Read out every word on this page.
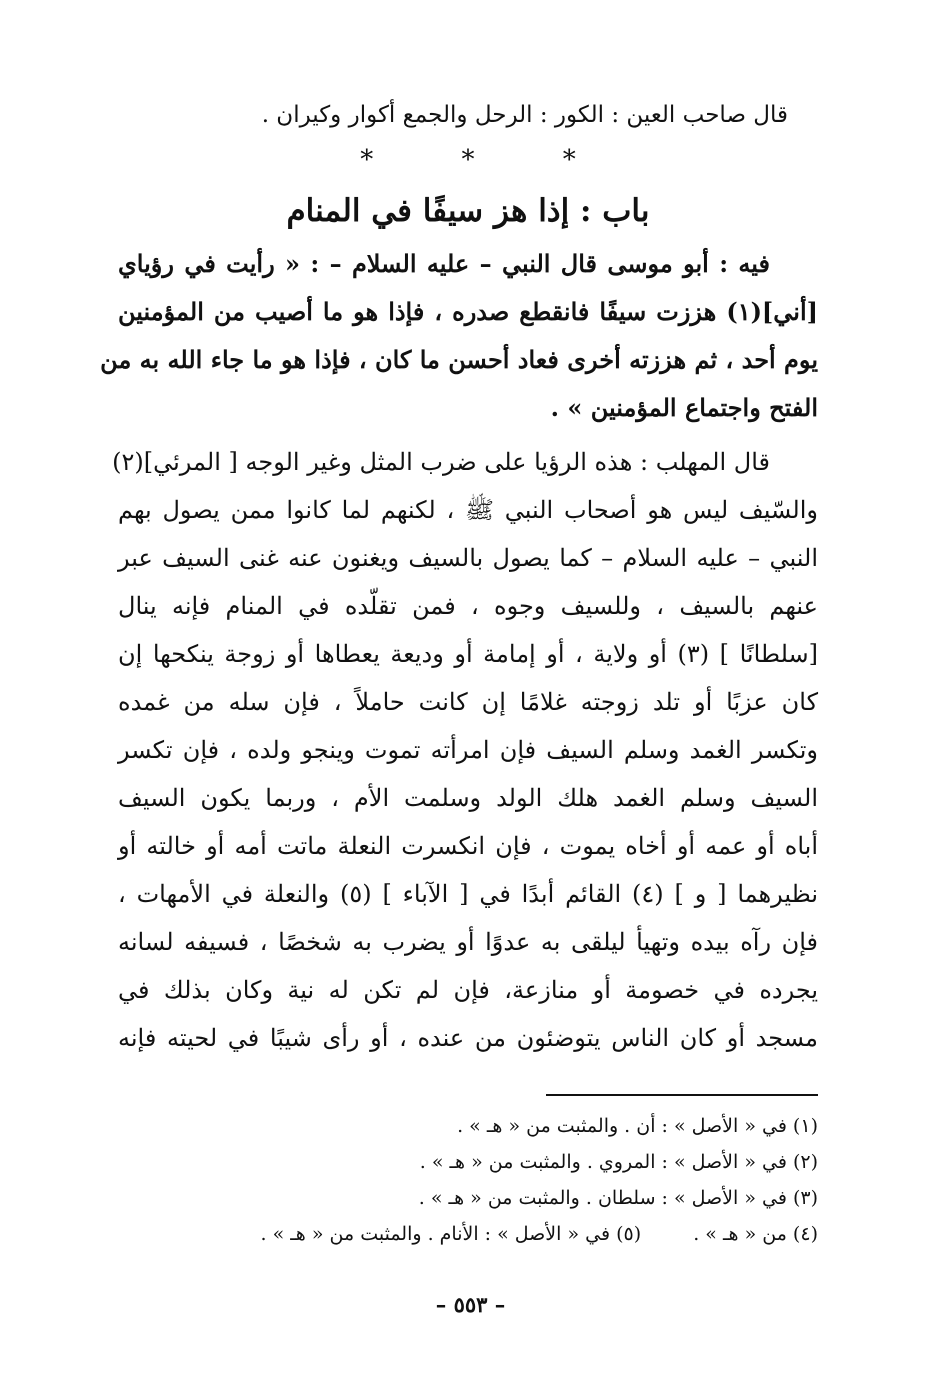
قال صاحب العين : الكور : الرحل والجمع أكوار وكيران .
* * *
باب : إذا هز سيفًا في المنام
فيه : أبو موسى قال النبي – عليه السلام – : « رأيت في رؤياي
[أني](١) هززت سيفًا فانقطع صدره ، فإذا هو ما أصيب من المؤمنين
يوم أحد ، ثم هززته أخرى فعاد أحسن ما كان ، فإذا هو ما جاء الله به من
الفتح واجتماع المؤمنين » .
قال المهلب : هذه الرؤيا على ضرب المثل وغير الوجه [ المرئي](٢)
والسّيف ليس هو أصحاب النبي ﷺ ، لكنهم لما كانوا ممن يصول بهم
النبي – عليه السلام – كما يصول بالسيف ويغنون عنه غنى السيف عبر
عنهم بالسيف ، وللسيف وجوه ، فمن تقلّده في المنام فإنه ينال
[سلطانًا ] (٣) أو ولاية ، أو إمامة أو وديعة يعطاها أو زوجة ينكحها إن
كان عزبًا أو تلد زوجته غلامًا إن كانت حاملاً ، فإن سله من غمده
وتكسر الغمد وسلم السيف فإن امرأته تموت وينجو ولده ، فإن تكسر
السيف وسلم الغمد هلك الولد وسلمت الأم ، وربما يكون السيف
أباه أو عمه أو أخاه يموت ، فإن انكسرت النعلة ماتت أمه أو خالته أو
نظيرهما [ و ] (٤) القائم أبدًا في [ الآباء ] (٥) والنعلة في الأمهات ،
فإن رآه بيده وتهيأ ليلقى به عدوًا أو يضرب به شخصًا ، فسيفه لسانه
يجرده في خصومة أو منازعة، فإن لم تكن له نية وكان بذلك في
مسجد أو كان الناس يتوضئون من عنده ، أو رأى شيبًا في لحيته فإنه
(١) في « الأصل » : أن . والمثبت من « هـ » .
(٢) في « الأصل » : المروي . والمثبت من « هـ » .
(٣) في « الأصل » : سلطان . والمثبت من « هـ » .
(٤) من « هـ » .  (٥) في « الأصل » : الأنام . والمثبت من « هـ » .
– ٥٥٣ –
